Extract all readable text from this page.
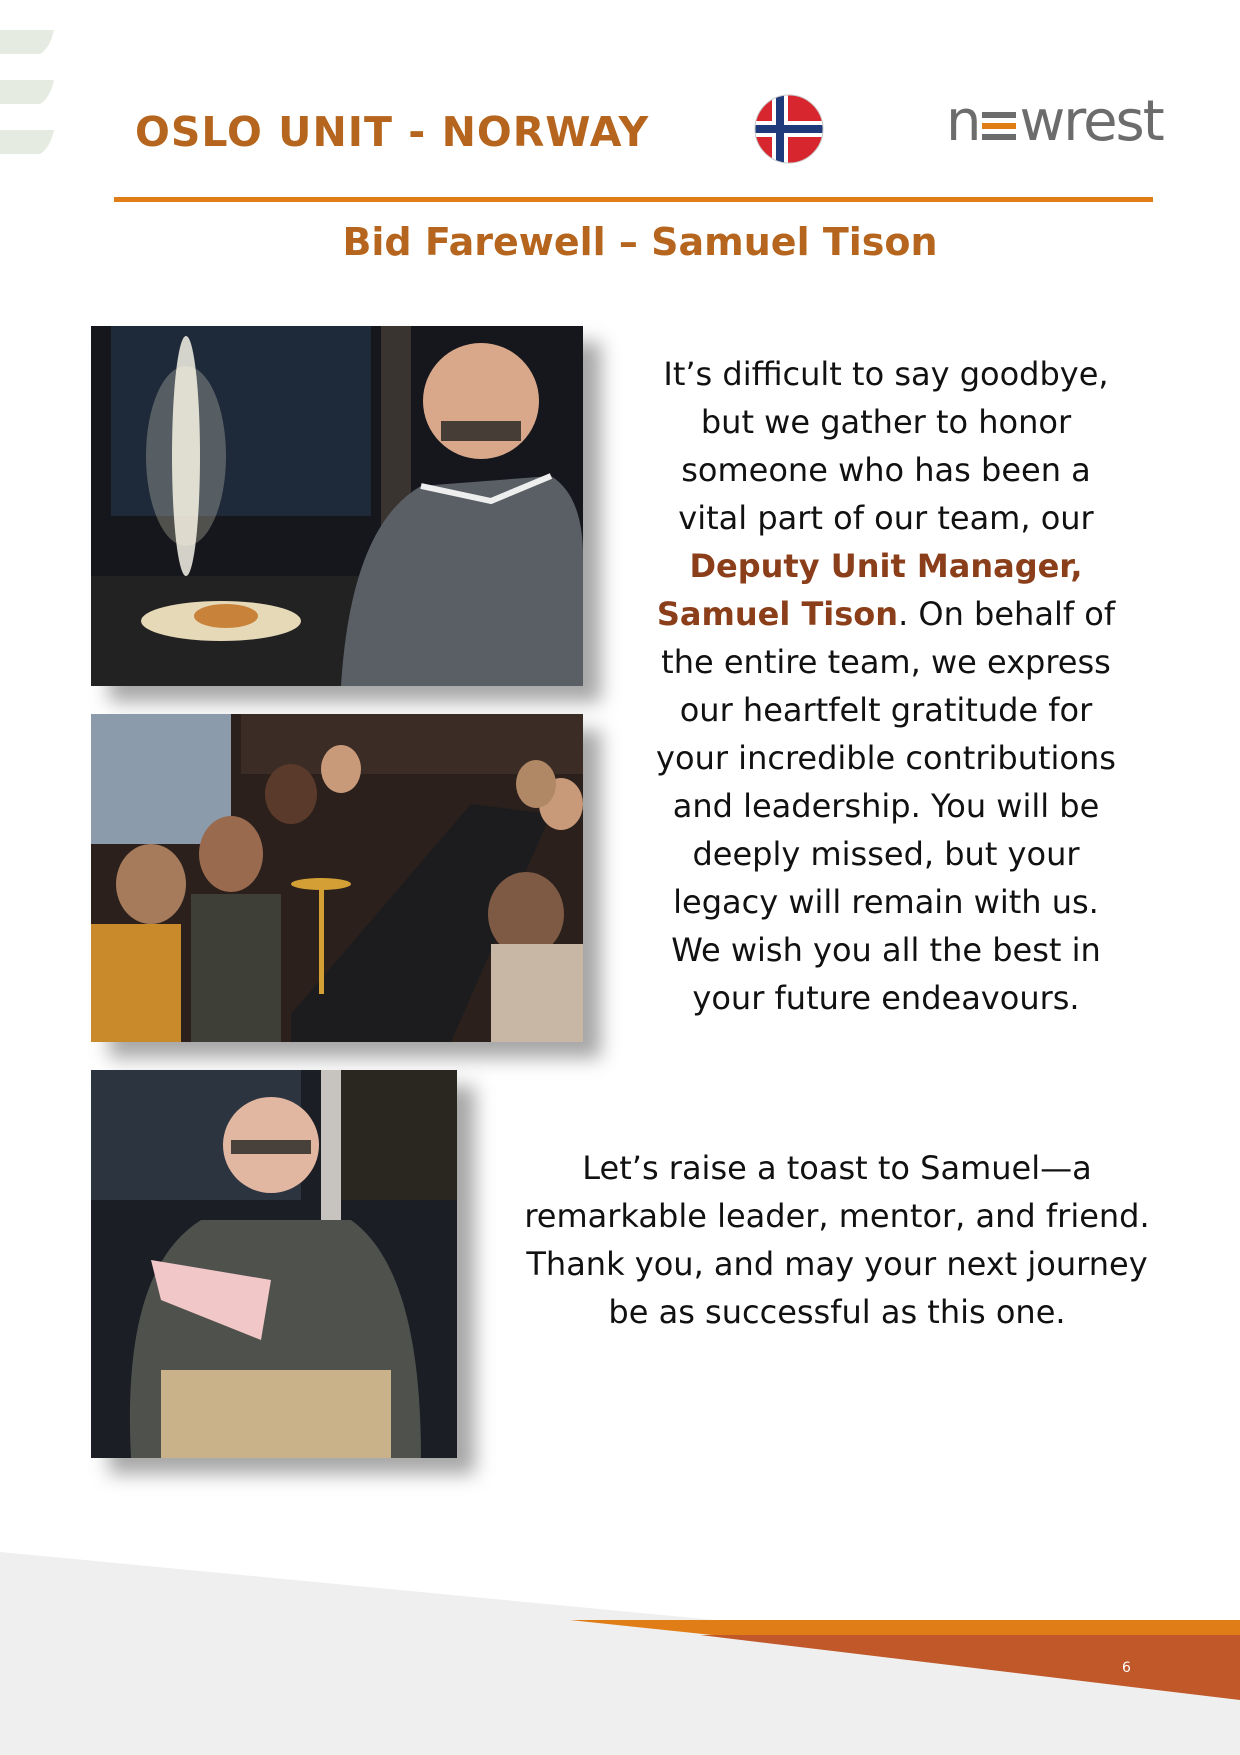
OSLO UNIT - NORWAY	n wrest
Bid Farewell – Samuel Tison
It’s difficult to say goodbye,
but we gather to honor
someone who has been a
vital part of our team, our
Deputy Unit Manager,
Samuel Tison. On behalf of
the entire team, we express
our heartfelt gratitude for
your incredible contributions
and leadership. You will be
deeply missed, but your
legacy will remain with us.
We wish you all the best in
your future endeavours.
Let’s raise a toast to Samuel—a
remarkable leader, mentor, and friend.
Thank you, and may your next journey
be as successful as this one.
6
